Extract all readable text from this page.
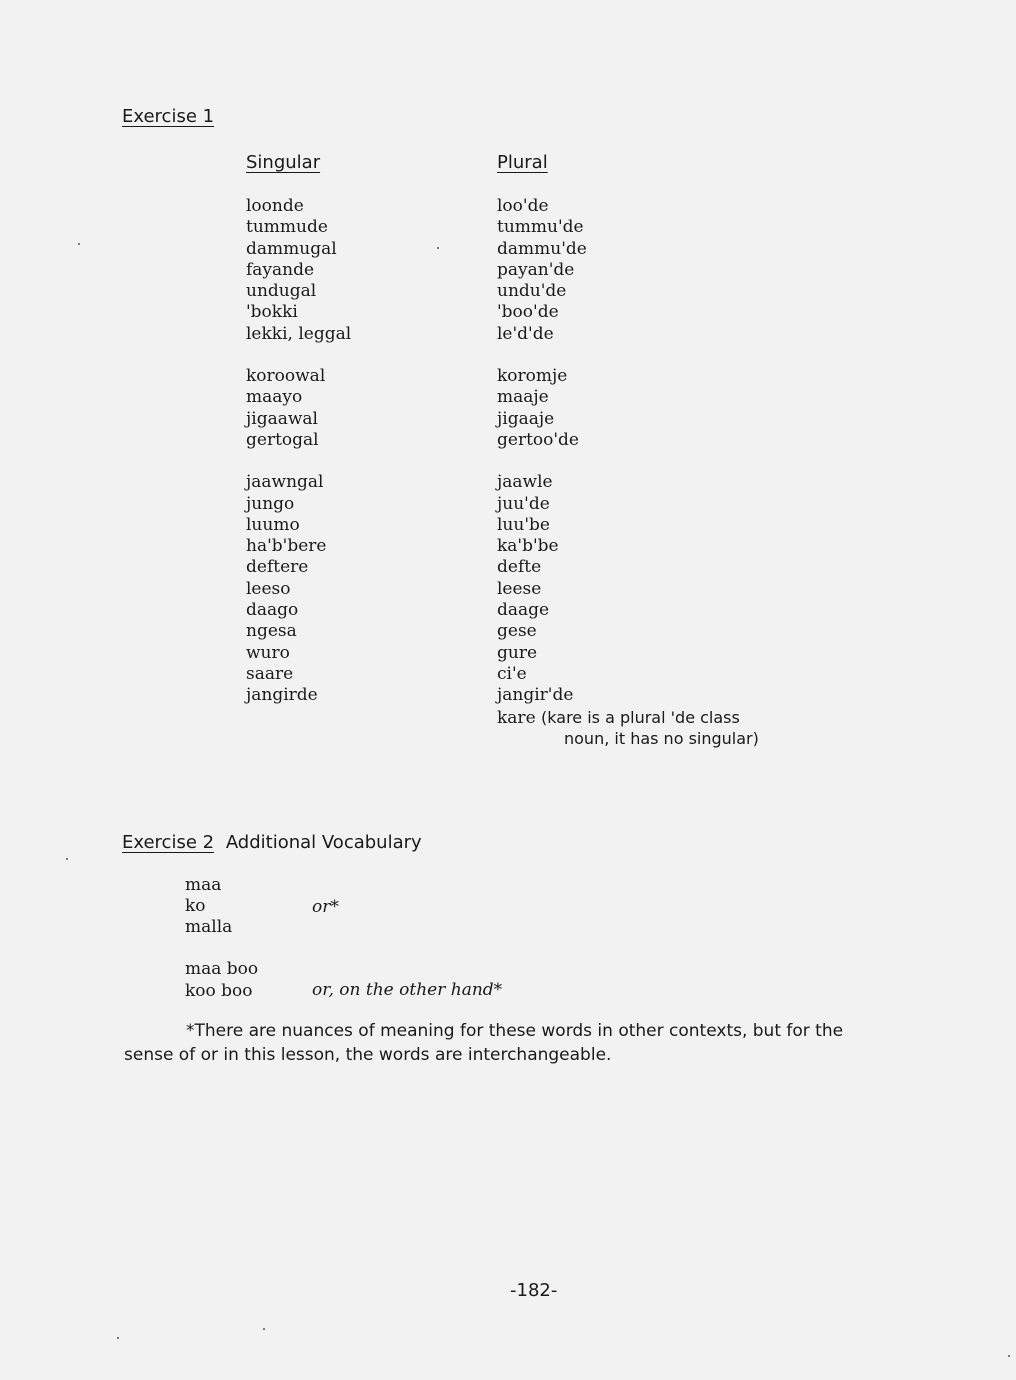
Exercise 1
Singular	Plural
loonde
tummude
dammugal
fayande
undugal
'bokki
lekki, leggal
koroowal
maayo
jigaawal
gertogal
jaawngal
jungo
luumo
ha'b'bere
deftere
leeso
daago
ngesa
wuro
saare
jangirde
loo'de
tummu'de
dammu'de
payan'de
undu'de
'boo'de
le'd'de
koromje
maaje
jigaaje
gertoo'de
jaawle
juu'de
luu'be
ka'b'be
defte
leese
daage
gese
gure
ci'e
jangir'de
kare (kare is a plural 'de class
noun, it has no singular)
Exercise 2 Additional Vocabulary
maa
ko
malla
or*
maa boo
koo boo	or, on the other hand*
*There are nuances of meaning for these words in other contexts, but for the
sense of or in this lesson, the words are interchangeable.
-182-
